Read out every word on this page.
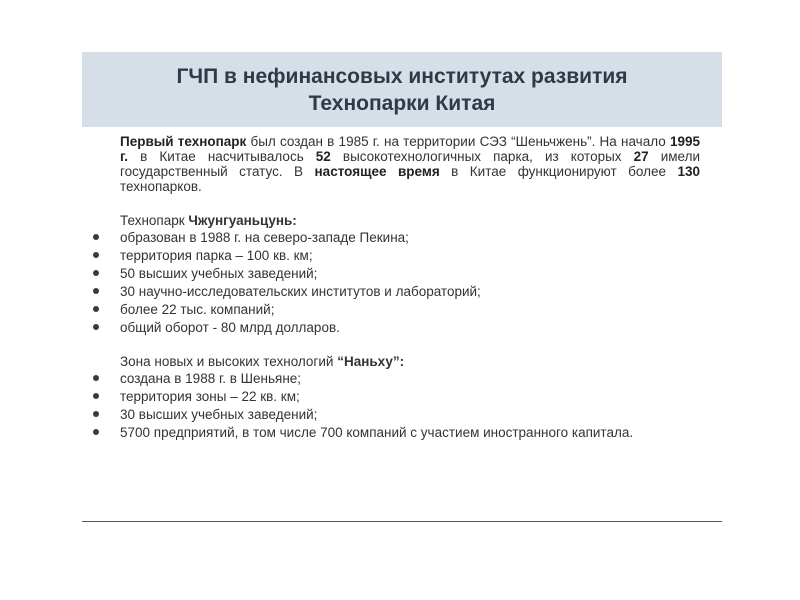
ГЧП в нефинансовых институтах развития
Технопарки Китая

Первый технопарк был создан в 1985 г. на территории СЭЗ “Шеньчжень”. На начало 1995 г. в Китае насчитывалось 52 высокотехнологичных парка, из которых 27 имели государственный статус. В настоящее время в Китае функционируют более 130 технопарков.

Технопарк Чжунгуаньцунь:

образован в 1988 г. на северо-западе Пекина;
территория парка – 100 кв. км;
50 высших учебных заведений;
30 научно-исследовательских институтов и лабораторий;
более 22 тыс. компаний;
общий оборот - 80 млрд долларов.

Зона новых и высоких технологий “Наньху”:

создана в 1988 г. в Шеньяне;
территория зоны – 22 кв. км;
30 высших учебных заведений;
5700 предприятий, в том числе 700 компаний с участием иностранного капитала.
